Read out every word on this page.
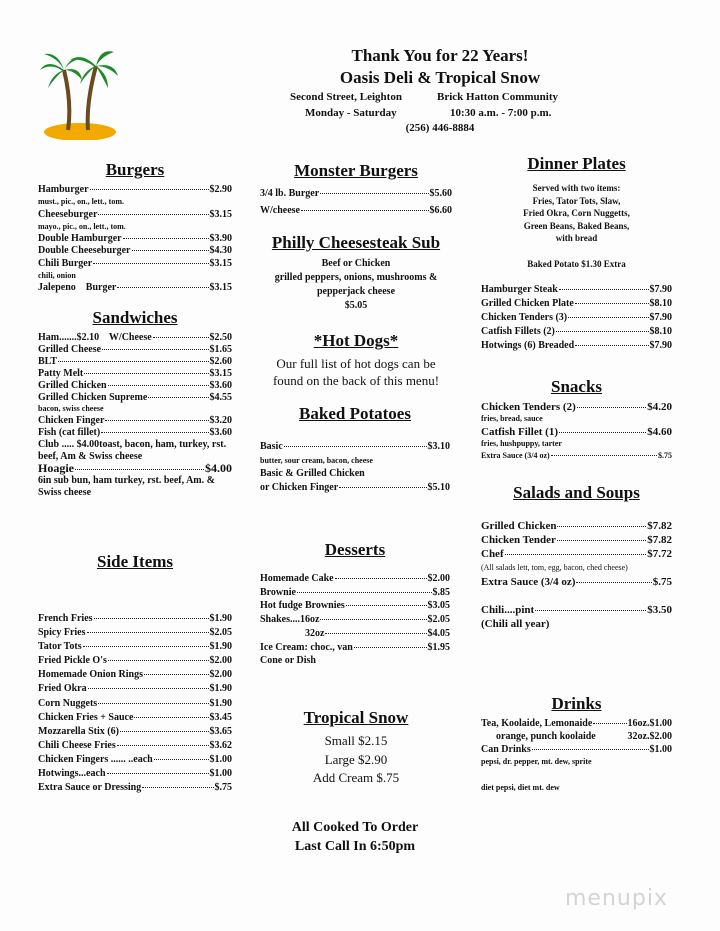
Thank You for 22 Years!
Oasis Deli & Tropical Snow
Second Street, Leighton	Brick Hatton Community
Monday - Saturday	10:30 a.m. - 7:00 p.m.
(256) 446-8884
Burgers
Hamburger	$2.90
must., pic., on., lett., tom.
Cheeseburger	$3.15
mayo., pic., on., lett., tom.
Double Hamburger	$3.90
Double Cheeseburger	$4.30
Chili Burger	$3.15
chili, onion
Jalepeno    Burger	$3.15
Sandwiches
Ham.......$2.10    W/Cheese	$2.50
Grilled Cheese	$1.65
BLT	$2.60
Patty Melt	$3.15
Grilled Chicken	$3.60
Grilled Chicken Supreme	$4.55
bacon, swiss cheese
Chicken Finger	$3.20
Fish (cat fillet)	$3.60
Club ..... $4.00toast, bacon, ham, turkey, rst.
beef, Am & Swiss cheese
Hoagie	$4.00
6in sub bun, ham turkey, rst. beef, Am. &
Swiss cheese
Side Items
French Fries	$1.90
Spicy Fries	$2.05
Tator Tots	$1.90
Fried Pickle O's	$2.00
Homemade Onion Rings	$2.00
Fried Okra	$1.90
Corn Nuggets	$1.90
Chicken Fries + Sauce	$3.45
Mozzarella Stix (6)	$3.65
Chili Cheese Fries	$3.62
Chicken Fingers ...... ..each	$1.00
Hotwings...each	$1.00
Extra Sauce or Dressing	$.75
Monster Burgers
3/4 lb. Burger	$5.60
W/cheese	$6.60
Philly Cheesesteak Sub
Beef or Chicken
grilled peppers, onions, mushrooms &
pepperjack cheese
$5.05
*Hot Dogs*
Our full list of hot dogs can be
found on the back of this menu!
Baked Potatoes
Basic	$3.10
butter, sour cream, bacon, cheese
Basic & Grilled Chicken
or Chicken Finger	$5.10
Desserts
Homemade Cake	$2.00
Brownie	$.85
Hot fudge Brownies	$3.05
Shakes....16oz	$2.05
32oz	$4.05
Ice Cream: choc., van	$1.95
Cone or Dish
Tropical Snow
Small $2.15
Large $2.90
Add Cream $.75
Dinner Plates
Served with two items:
Fries, Tator Tots, Slaw,
Fried Okra, Corn Nuggetts,
Green Beans, Baked Beans,
with bread
Baked Potato $1.30 Extra
Hamburger Steak	$7.90
Grilled Chicken Plate	$8.10
Chicken Tenders (3)	$7.90
Catfish Fillets (2)	$8.10
Hotwings (6) Breaded	$7.90
Snacks
Chicken Tenders (2)	$4.20
fries, bread, sauce
Catfish Fillet (1)	$4.60
fries, hushpuppy, tarter
Extra Sauce (3/4 oz)	$.75
Salads and Soups
Grilled Chicken	$7.82
Chicken Tender	$7.82
Chef	$7.72
(All salads lett, tom, egg, bacon, ched cheese)
Extra Sauce (3/4 oz)	$.75
Chili....pint	$3.50
(Chili all year)
Drinks
Tea, Koolaide, Lemonaide	16oz.$1.00
orange, punch koolaide	32oz.$2.00
Can Drinks	$1.00
pepsi, dr. pepper, mt. dew, sprite
diet pepsi, diet mt. dew
All Cooked To Order
Last Call In 6:50pm
menupix
